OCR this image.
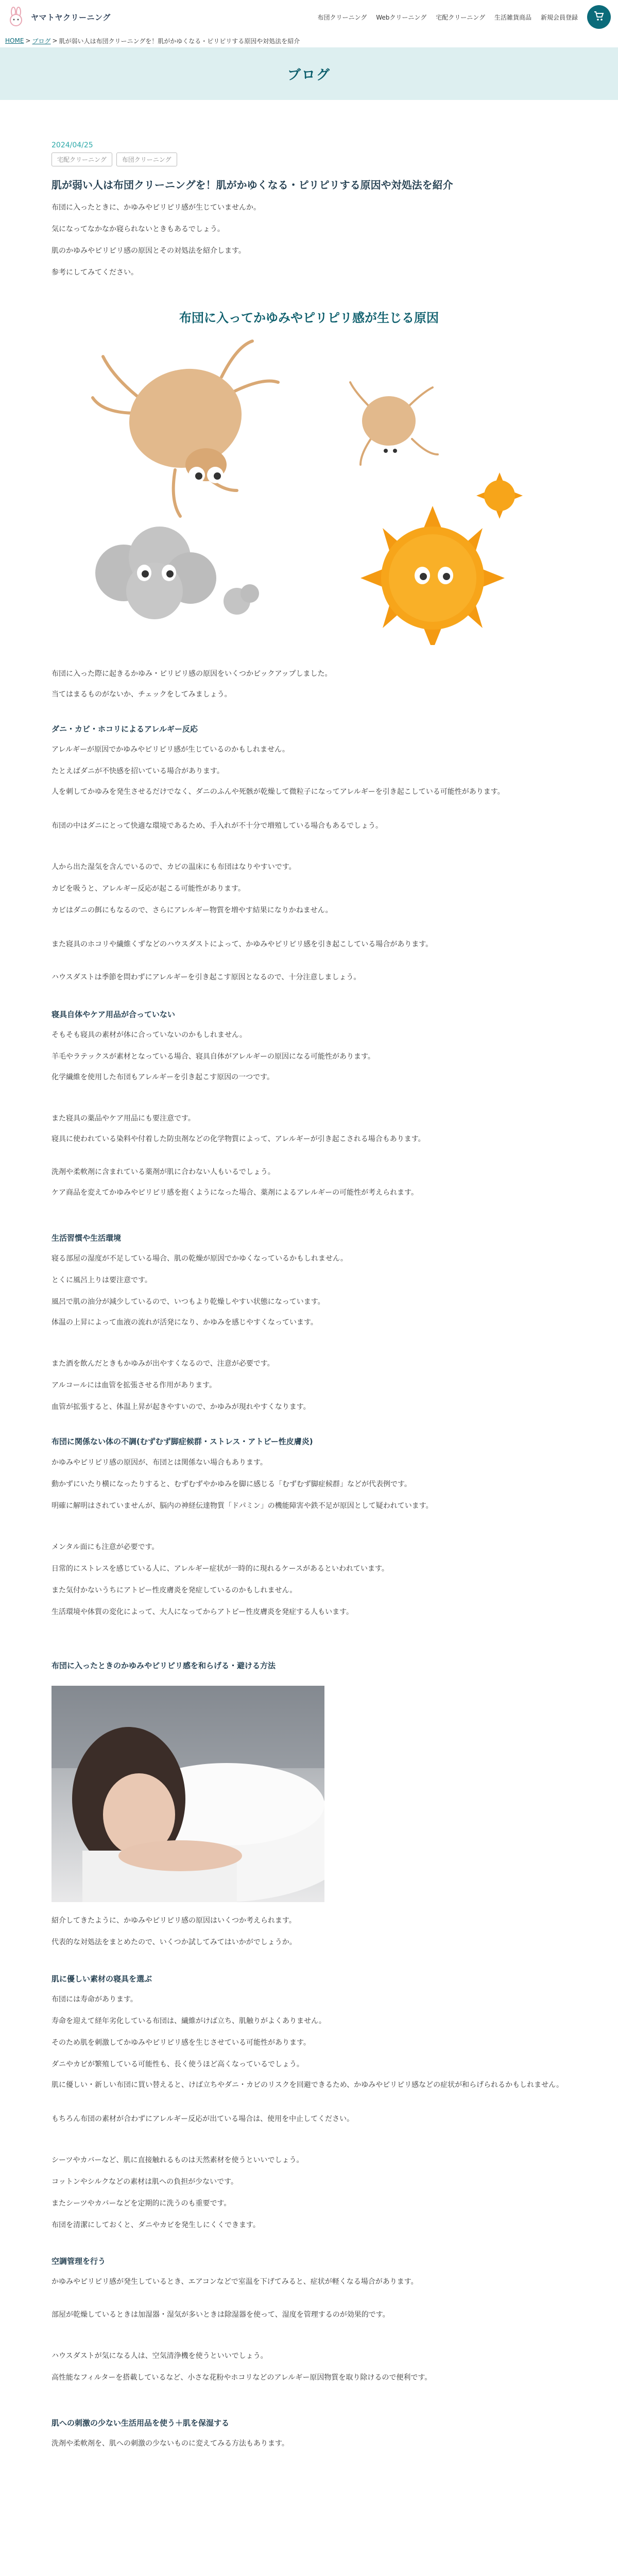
ヤマトヤクリーニング	布団クリーニング Webクリーニング 宅配クリーニング 生活雑貨商品 新規会員登録
HOME > ブログ > 肌が弱い人は布団クリーニングを！肌がかゆくなる・ピリピリする原因や対処法を紹介
ブログ
2024/04/25
宅配クリーニング	布団クリーニング
肌が弱い人は布団クリーニングを！肌がかゆくなる・ピリピリする原因や対処法を紹介

布団に入ったときに、かゆみやピリピリ感が生じていませんか。

気になってなかなか寝られないときもあるでしょう。

肌のかゆみやピリピリ感の原因とその対処法を紹介します。

参考にしてみてください。

布団に入ってかゆみやピリピリ感が生じる原因

布団に入った際に起きるかゆみ・ピリピリ感の原因をいくつかピックアップしました。

当てはまるものがないか、チェックをしてみましょう。

ダニ・カビ・ホコリによるアレルギー反応

アレルギーが原因でかゆみやピリピリ感が生じているのかもしれません。

たとえばダニが不快感を招いている場合があります。

人を刺してかゆみを発生させるだけでなく、ダニのふんや死骸が乾燥して微粒子になってアレルギーを引き起こしている可能性があります。

布団の中はダニにとって快適な環境であるため、手入れが不十分で増殖している場合もあるでしょう。

人から出た湿気を含んでいるので、カビの温床にも布団はなりやすいです。

カビを吸うと、アレルギー反応が起こる可能性があります。

カビはダニの餌にもなるので、さらにアレルギー物質を増やす結果になりかねません。

また寝具のホコリや繊維くずなどのハウスダストによって、かゆみやピリピリ感を引き起こしている場合があります。

ハウスダストは季節を問わずにアレルギーを引き起こす原因となるので、十分注意しましょう。

寝具自体やケア用品が合っていない

そもそも寝具の素材が体に合っていないのかもしれません。

羊毛やラテックスが素材となっている場合、寝具自体がアレルギーの原因になる可能性があります。

化学繊維を使用した布団もアレルギーを引き起こす原因の一つです。

また寝具の薬品やケア用品にも要注意です。

寝具に使われている染料や付着した防虫剤などの化学物質によって、アレルギーが引き起こされる場合もあります。

洗剤や柔軟剤に含まれている薬剤が肌に合わない人もいるでしょう。

ケア商品を変えてかゆみやピリピリ感を抱くようになった場合、薬剤によるアレルギーの可能性が考えられます。

生活習慣や生活環境

寝る部屋の湿度が不足している場合、肌の乾燥が原因でかゆくなっているかもしれません。

とくに風呂上りは要注意です。

風呂で肌の油分が減少しているので、いつもより乾燥しやすい状態になっています。

体温の上昇によって血液の流れが活発になり、かゆみを感じやすくなっています。

また酒を飲んだときもかゆみが出やすくなるので、注意が必要です。

アルコールには血管を拡張させる作用があります。

血管が拡張すると、体温上昇が起きやすいので、かゆみが現れやすくなります。

布団に関係ない体の不調(むずむず脚症候群・ストレス・アトピー性皮膚炎)

かゆみやピリピリ感の原因が、布団とは関係ない場合もあります。

動かずにいたり横になったりすると、むずむずやかゆみを脚に感じる「むずむず脚症候群」などが代表例です。

明確に解明はされていませんが、脳内の神経伝達物質「ドパミン」の機能障害や鉄不足が原因として疑われています。

メンタル面にも注意が必要です。

日常的にストレスを感じている人に、アレルギー症状が一時的に現れるケースがあるといわれています。

また気付かないうちにアトピー性皮膚炎を発症しているのかもしれません。

生活環境や体質の変化によって、大人になってからアトピー性皮膚炎を発症する人もいます。

布団に入ったときのかゆみやピリピリ感を和らげる・避ける方法

紹介してきたように、かゆみやピリピリ感の原因はいくつか考えられます。

代表的な対処法をまとめたので、いくつか試してみてはいかがでしょうか。

肌に優しい素材の寝具を選ぶ

布団には寿命があります。

寿命を迎えて経年劣化している布団は、繊維がけば立ち、肌触りがよくありません。

そのため肌を刺激してかゆみやピリピリ感を生じさせている可能性があります。

ダニやカビが繁殖している可能性も、長く使うほど高くなっているでしょう。

肌に優しい・新しい布団に買い替えると、けば立ちやダニ・カビのリスクを回避できるため、かゆみやピリピリ感などの症状が和らげられるかもしれません。

もちろん布団の素材が合わずにアレルギー反応が出ている場合は、使用を中止してください。

シーツやカバーなど、肌に直接触れるものは天然素材を使うといいでしょう。

コットンやシルクなどの素材は肌への負担が少ないです。

またシーツやカバーなどを定期的に洗うのも重要です。

布団を清潔にしておくと、ダニやカビを発生しにくくできます。

空調管理を行う

かゆみやピリピリ感が発生しているとき、エアコンなどで室温を下げてみると、症状が軽くなる場合があります。

部屋が乾燥しているときは加湿器・湿気が多いときは除湿器を使って、湿度を管理するのが効果的です。

ハウスダストが気になる人は、空気清浄機を使うといいでしょう。

高性能なフィルターを搭載しているなど、小さな花粉やホコリなどのアレルギー原因物質を取り除けるので便利です。

肌への刺激の少ない生活用品を使う＋肌を保湿する

洗剤や柔軟剤を、肌への刺激の少ないものに変えてみる方法もあります。
